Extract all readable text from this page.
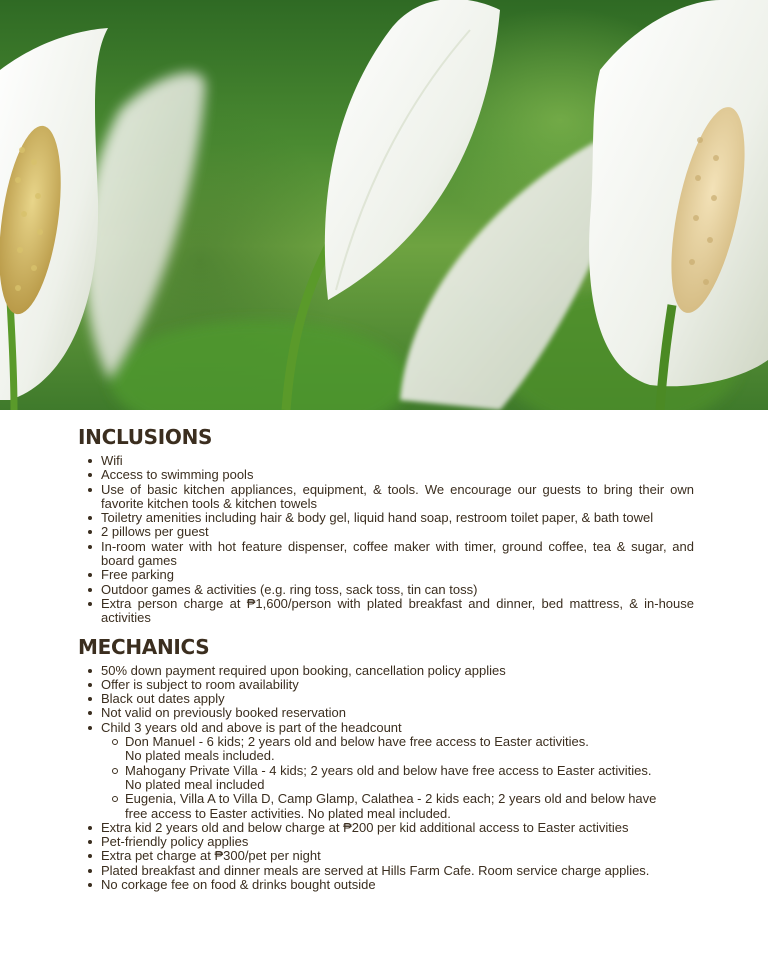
INCLUSIONS
Wifi
Access to swimming pools
Use of basic kitchen appliances, equipment, & tools. We encourage our guests to bring their own favorite kitchen tools & kitchen towels
Toiletry amenities including hair & body gel, liquid hand soap, restroom toilet paper, & bath towel
2 pillows per guest
In-room water with hot feature dispenser, coffee maker with timer, ground coffee, tea & sugar, and board games
Free parking
Outdoor games & activities (e.g. ring toss, sack toss, tin can toss)
Extra person charge at ₱1,600/person with plated breakfast and dinner, bed mattress, & in-house activities
MECHANICS
50% down payment required upon booking, cancellation policy applies
Offer is subject to room availability
Black out dates apply
Not valid on previously booked reservation
Child 3 years old and above is part of the headcount
Don Manuel - 6 kids; 2 years old and below have free access to Easter activities.
No plated meals included.
Mahogany Private Villa - 4 kids; 2 years old and below have free access to Easter activities.
No plated meal included
Eugenia, Villa A to Villa D, Camp Glamp, Calathea - 2 kids each; 2 years old and below have
free access to Easter activities. No plated meal included.
Extra kid 2 years old and below charge at ₱200 per kid additional access to Easter activities
Pet-friendly policy applies
Extra pet charge at ₱300/pet per night
Plated breakfast and dinner meals are served at Hills Farm Cafe. Room service charge applies.
No corkage fee on food & drinks bought outside
